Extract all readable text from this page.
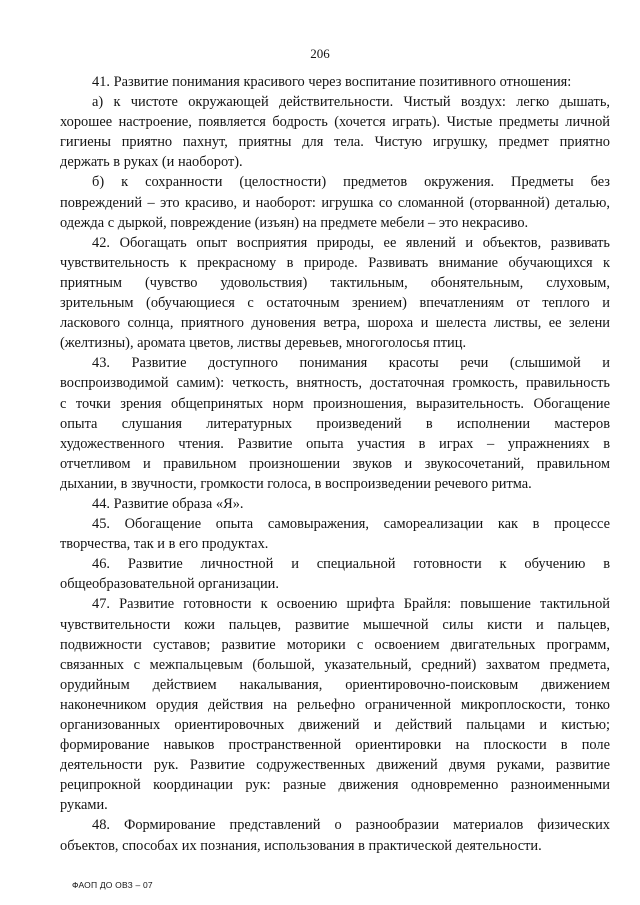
206

41. Развитие понимания красивого через воспитание позитивного отношения:

а) к чистоте окружающей действительности. Чистый воздух: легко дышать,
хорошее настроение, появляется бодрость (хочется играть). Чистые предметы личной
гигиены приятно пахнут, приятны для тела. Чистую игрушку, предмет приятно
держать в руках (и наоборот).

б) к сохранности (целостности) предметов окружения. Предметы без
повреждений – это красиво, и наоборот: игрушка со сломанной (оторванной) деталью,
одежда с дыркой, повреждение (изъян) на предмете мебели – это некрасиво.

42. Обогащать опыт восприятия природы, ее явлений и объектов, развивать
чувствительность к прекрасному в природе. Развивать внимание обучающихся к
приятным (чувство удовольствия) тактильным, обонятельным, слуховым,
зрительным (обучающиеся с остаточным зрением) впечатлениям от теплого и
ласкового солнца, приятного дуновения ветра, шороха и шелеста листвы, ее зелени
(желтизны), аромата цветов, листвы деревьев, многоголосья птиц.

43. Развитие доступного понимания красоты речи (слышимой и
воспроизводимой самим): четкость, внятность, достаточная громкость, правильность
с точки зрения общепринятых норм произношения, выразительность. Обогащение
опыта слушания литературных произведений в исполнении мастеров
художественного чтения. Развитие опыта участия в играх – упражнениях в
отчетливом и правильном произношении звуков и звукосочетаний, правильном
дыхании, в звучности, громкости голоса, в воспроизведении речевого ритма.

44. Развитие образа «Я».

45. Обогащение опыта самовыражения, самореализации как в процессе
творчества, так и в его продуктах.

46. Развитие личностной и специальной готовности к обучению в
общеобразовательной организации.

47. Развитие готовности к освоению шрифта Брайля: повышение тактильной
чувствительности кожи пальцев, развитие мышечной силы кисти и пальцев,
подвижности суставов; развитие моторики с освоением двигательных программ,
связанных с межпальцевым (большой, указательный, средний) захватом предмета,
орудийным действием накалывания, ориентировочно-поисковым движением
наконечником орудия действия на рельефно ограниченной микроплоскости, тонко
организованных ориентировочных движений и действий пальцами и кистью;
формирование навыков пространственной ориентировки на плоскости в поле
деятельности рук. Развитие содружественных движений двумя руками, развитие
реципрокной координации рук: разные движения одновременно разноименными
руками.

48. Формирование представлений о разнообразии материалов физических
объектов, способах их познания, использования в практической деятельности.

ФАОП ДО ОВЗ – 07
